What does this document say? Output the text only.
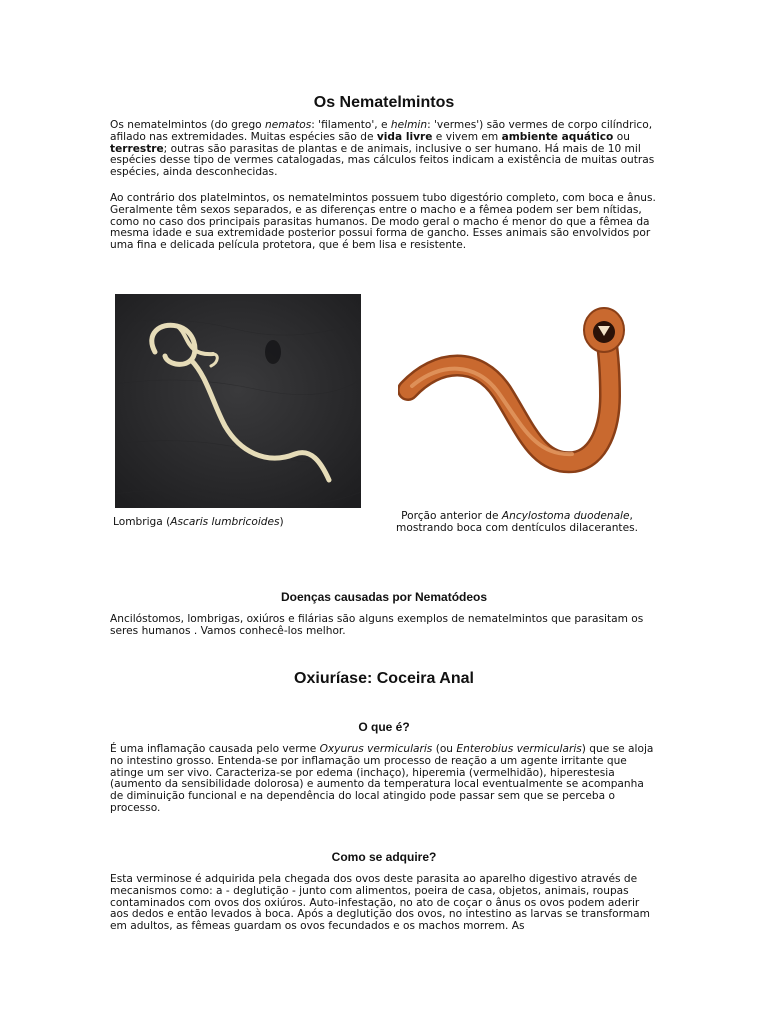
Os Nematelmintos

Os nematelmintos (do grego nematos: 'filamento', e helmin: 'vermes') são vermes de corpo cilíndrico, afilado nas extremidades. Muitas espécies são de vida livre e vivem em ambiente aquático ou terrestre; outras são parasitas de plantas e de animais, inclusive o ser humano. Há mais de 10 mil espécies desse tipo de vermes catalogadas, mas cálculos feitos indicam a existência de muitas outras espécies, ainda desconhecidas.

Ao contrário dos platelmintos, os nematelmintos possuem tubo digestório completo, com boca e ânus. Geralmente têm sexos separados, e as diferenças entre o macho e a fêmea podem ser bem nítidas, como no caso dos principais parasitas humanos. De modo geral o macho é menor do que a fêmea da mesma idade e sua extremidade posterior possui forma de gancho. Esses animais são envolvidos por uma fina e delicada película protetora, que é bem lisa e resistente.

Lombriga (Ascaris lumbricoides)	Porção anterior de Ancylostoma duodenale,
mostrando boca com dentículos dilacerantes.

Doenças causadas por Nematódeos

Ancilóstomos, lombrigas, oxiúros e filárias são alguns exemplos de nematelmintos que parasitam os seres humanos . Vamos conhecê-los melhor.

Oxiuríase: Coceira Anal
O que é?

É uma inflamação causada pelo verme Oxyurus vermicularis (ou Enterobius vermicularis) que se aloja no intestino grosso. Entenda-se por inflamação um processo de reação a um agente irritante que atinge um ser vivo. Caracteriza-se por edema (inchaço), hiperemia (vermelhidão), hiperestesia (aumento da sensibilidade dolorosa) e aumento da temperatura local eventualmente se acompanha de diminuição funcional e na dependência do local atingido pode passar sem que se perceba o processo.

Como se adquire?

Esta verminose é adquirida pela chegada dos ovos deste parasita ao aparelho digestivo através de mecanismos como: a - deglutição - junto com alimentos, poeira de casa, objetos, animais, roupas contaminados com ovos dos oxiúros. Auto-infestação, no ato de coçar o ânus os ovos podem aderir aos dedos e então levados à boca. Após a deglutição dos ovos, no intestino as larvas se transformam em adultos, as fêmeas guardam os ovos fecundados e os machos morrem. As
